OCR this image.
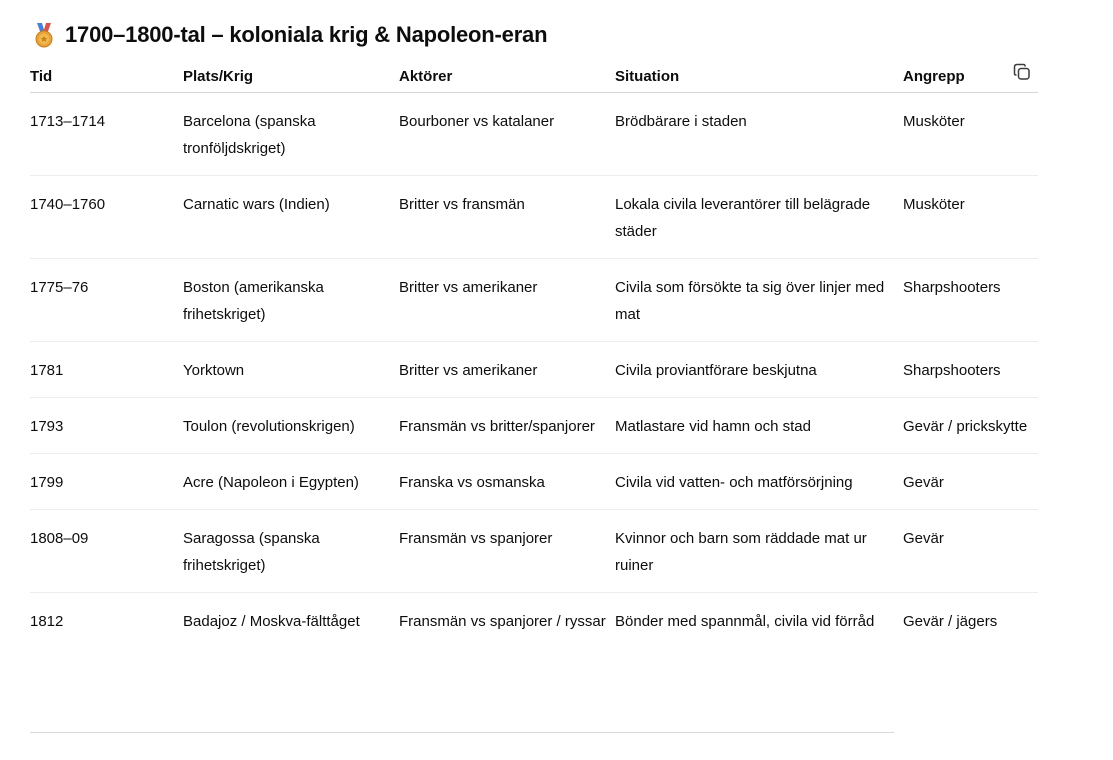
1700–1800-tal – koloniala krig & Napoleon-eran
Tid	Plats/Krig	Aktörer	Situation	Angrepp
1713–1714	Barcelona (spanska tronföljdskriget)	Bourboner vs katalaner	Brödbärare i staden	Musköter
1740–1760	Carnatic wars (Indien)	Britter vs fransmän	Lokala civila leverantörer till belägrade städer	Musköter
1775–76	Boston (amerikanska frihetskriget)	Britter vs amerikaner	Civila som försökte ta sig över linjer med mat	Sharpshooters
1781	Yorktown	Britter vs amerikaner	Civila proviantförare beskjutna	Sharpshooters
1793	Toulon (revolutionskrigen)	Fransmän vs britter/spanjorer	Matlastare vid hamn och stad	Gevär / prickskytte
1799	Acre (Napoleon i Egypten)	Franska vs osmanska	Civila vid vatten- och matförsörjning	Gevär
1808–09	Saragossa (spanska frihetskriget)	Fransmän vs spanjorer	Kvinnor och barn som räddade mat ur ruiner	Gevär
1812	Badajoz / Moskva-fälttåget	Fransmän vs spanjorer / ryssar	Bönder med spannmål, civila vid förråd	Gevär / jägers
